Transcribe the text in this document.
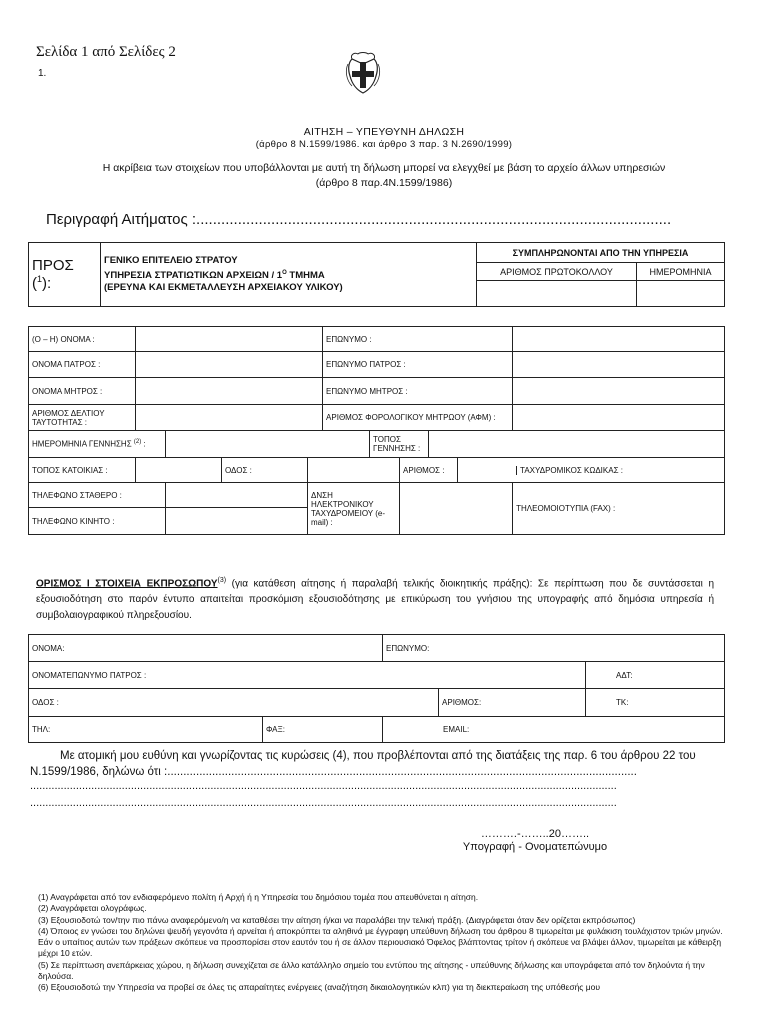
Σελίδα 1 από Σελίδες 2
1.
ΑΙΤΗΣΗ – ΥΠΕΥΘΥΝΗ ΔΗΛΩΣΗ
(άρθρο 8 Ν.1599/1986. και άρθρο 3 παρ. 3 Ν.2690/1999)
Η ακρίβεια των στοιχείων που υποβάλλονται με αυτή τη δήλωση μπορεί να ελεγχθεί με βάση το αρχείο άλλων υπηρεσιών
(άρθρο 8 παρ.4Ν.1599/1986)
Περιγραφή Αιτήματος :..................................................................................................................
ΠΡΟΣ ($^1$):	ΓΕΝΙΚΟ ΕΠΙΤΕΛΕΙΟ ΣΤΡΑΤΟΥ
ΥΠΗΡΕΣΙΑ ΣΤΡΑΤΙΩΤΙΚΩΝ ΑΡΧΕΙΩΝ / $1^O$ ΤΜΗΜΑ
(ΕΡΕΥΝΑ ΚΑΙ ΕΚΜΕΤΑΛΛΕΥΣΗ ΑΡΧΕΙΑΚΟΥ ΥΛΙΚΟΥ)	ΣΥΜΠΛΗΡΩΝΟΝΤΑΙ ΑΠΟ ΤΗΝ ΥΠΗΡΕΣΙΑ	
		ΑΡΙΘΜΟΣ ΠΡΩΤΟΚΟΛΛΟΥ	ΗΜΕΡΟΜΗΝΙΑ

(Ο – Η) ΟΝΟΜΑ :					ΕΠΩΝΥΜΟ :					
ΟΝΟΜΑ ΠΑΤΡΟΣ :					ΕΠΩΝΥΜΟ ΠΑΤΡΟΣ :					
ΟΝΟΜΑ ΜΗΤΡΟΣ :					ΕΠΩΝΥΜΟ ΜΗΤΡΟΣ :					
ΑΡΙΘΜΟΣ ΔΕΛΤΙΟΥ ΤΑΥΤΟΤΗΤΑΣ :					ΑΡΙΘΜΟΣ ΦΟΡΟΛΟΓΙΚΟΥ ΜΗΤΡΩΟΥ (ΑΦΜ) :					
ΗΜΕΡΟΜΗΝΙΑ ΓΕΝΝΗΣΗΣ $^{(2)}$ :						ΤΟΠΟΣ ΓΕΝΝΗΣΗΣ :				
ΤΟΠΟΣ ΚΑΤΟΙΚΙΑΣ :			ΟΔΟΣ :				ΑΡΙΘΜΟΣ :		ΤΑΧΥΔΡΟΜΙΚΟΣ ΚΩΔΙΚΑΣ :	

ΤΗΛΕΦΩΝΟ ΣΤΑΘΕΡΟ :				ΔΝΣΗ ΗΛΕΚΤΡΟΝΙΚΟΥ ΤΑΧΥΔΡΟΜΕΙΟΥ (e-mail) :						ΤΗΛΕΟΜΟΙΟΤΥΠΙΑ (FAX) :

ΤΗΛΕΦΩΝΟ ΚΙΝΗΤΟ :										
ΟΡΙΣΜΟΣ Ι ΣΤΟΙΧΕΙΑ ΕΚΠΡΟΣΩΠΟΥ$^{(3)}$ (για κατάθεση αίτησης ή παραλαβή τελικής διοικητικής πράξης): Σε περίπτωση που δε συντάσσεται η εξουσιοδότηση στο παρόν έντυπο απαιτείται προσκόμιση εξουσιοδότησης με επικύρωση του γνήσιου της υπογραφής από δημόσια υπηρεσία ή συμβολαιογραφικού πληρεξουσίου.
ΟΝΟΜΑ:		ΕΠΩΝΥΜΟ:		
ΟΝΟΜΑΤΕΠΩΝΥΜΟ ΠΑΤΡΟΣ :				ΑΔΤ:
ΟΔΟΣ :			ΑΡΙΘΜΟΣ:	ΤΚ:
ΤΗΛ:	ΦΑΞ:	EMAIL:		
Με ατομική μου ευθύνη και γνωρίζοντας τις κυρώσεις (4), που προβλέπονται από της διατάξεις της παρ. 6 του άρθρου 22 του Ν.1599/1986, δηλώνω ότι :...................................................................................................................................................
................................................................................................................................................................................................
................................................................................................................................................................................................
……….-……..20……..
Υπογραφή - Ονοματεπώνυμο
(1) Αναγράφεται από τον ενδιαφερόμενο πολίτη ή Αρχή ή η Υπηρεσία του δημόσιου τομέα που απευθύνεται η αίτηση.
(2) Αναγράφεται ολογράφως.
(3) Εξουσιοδοτώ τον/την πιο πάνω αναφερόμενο/η να καταθέσει την αίτηση ή/και να παραλάβει την τελική πράξη. (Διαγράφεται όταν δεν ορίζεται εκπρόσωπος)
(4) Όποιος εν γνώσει του δηλώνει ψευδή γεγονότα ή αρνείται ή αποκρύπτει τα αληθινά με έγγραφη υπεύθυνη δήλωση του άρθρου 8 τιμωρείται με φυλάκιση τουλάχιστον τριών μηνών. Εάν ο υπαίτιος αυτών των πράξεων σκόπευε να προσπορίσει στον εαυτόν του ή σε άλλον περιουσιακό Όφελος βλάπτοντας τρίτον ή σκόπευε να βλάψει άλλον, τιμωρείται με κάθειρξη μέχρι 10 ετών.
(5) Σε περίπτωση ανεπάρκειας χώρου, η δήλωση συνεχίζεται σε άλλο κατάλληλο σημείο του εντύπου της αίτησης - υπεύθυνης δήλωσης και υπογράφεται από τον δηλούντα ή την δηλούσα.
(6) Εξουσιοδοτώ την Υπηρεσία να προβεί σε όλες τις απαραίτητες ενέργειες (αναζήτηση δικαιολογητικών κλπ) για τη διεκπεραίωση της υπόθεσής μου
